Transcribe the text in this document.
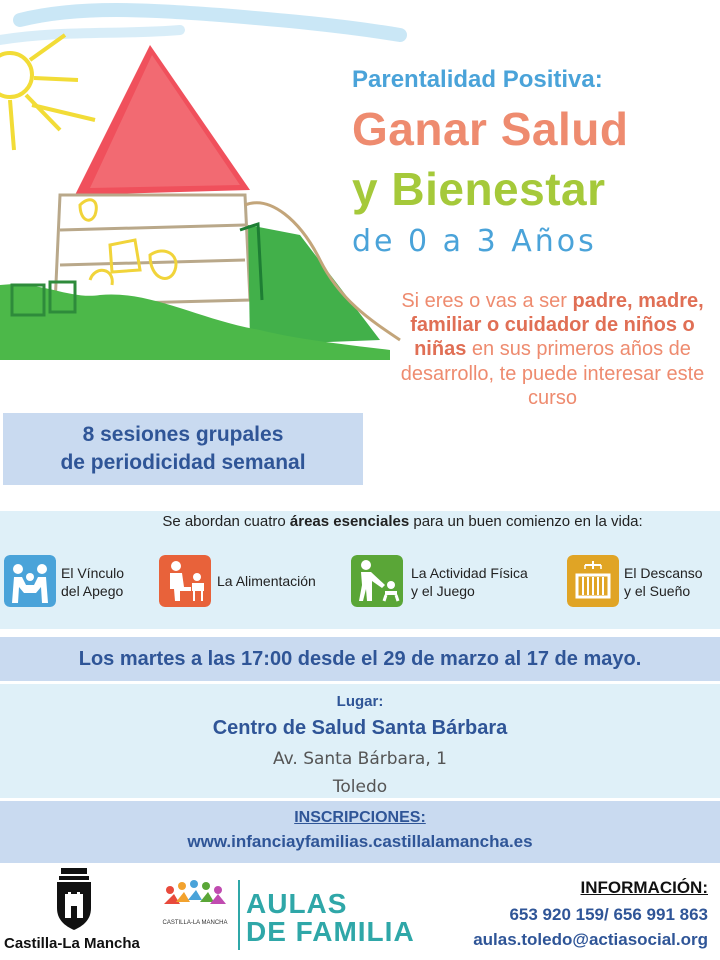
Parentalidad Positiva:
Ganar Salud
y Bienestar
de 0 a 3 Años
Si eres o vas a ser padre, madre, familiar o cuidador de niños o niñas en sus primeros años de desarrollo, te puede interesar este curso
8 sesiones grupales
de periodicidad semanal
Se abordan cuatro áreas esenciales para un buen comienzo en la vida:
El Vínculo
del Apego
La Alimentación	La Actividad Física
y el Juego
El Descanso
y el Sueño
Los martes a las 17:00 desde el 29 de marzo al 17 de mayo.
Lugar:
Centro de Salud Santa Bárbara
Av. Santa Bárbara, 1
Toledo
INSCRIPCIONES:
www.infanciayfamilias.castillalamancha.es
Castilla-La Mancha
CASTILLA-LA MANCHA
AULAS
DE FAMILIA
INFORMACIÓN:
653 920 159/ 656 991 863
aulas.toledo@actiasocial.org
